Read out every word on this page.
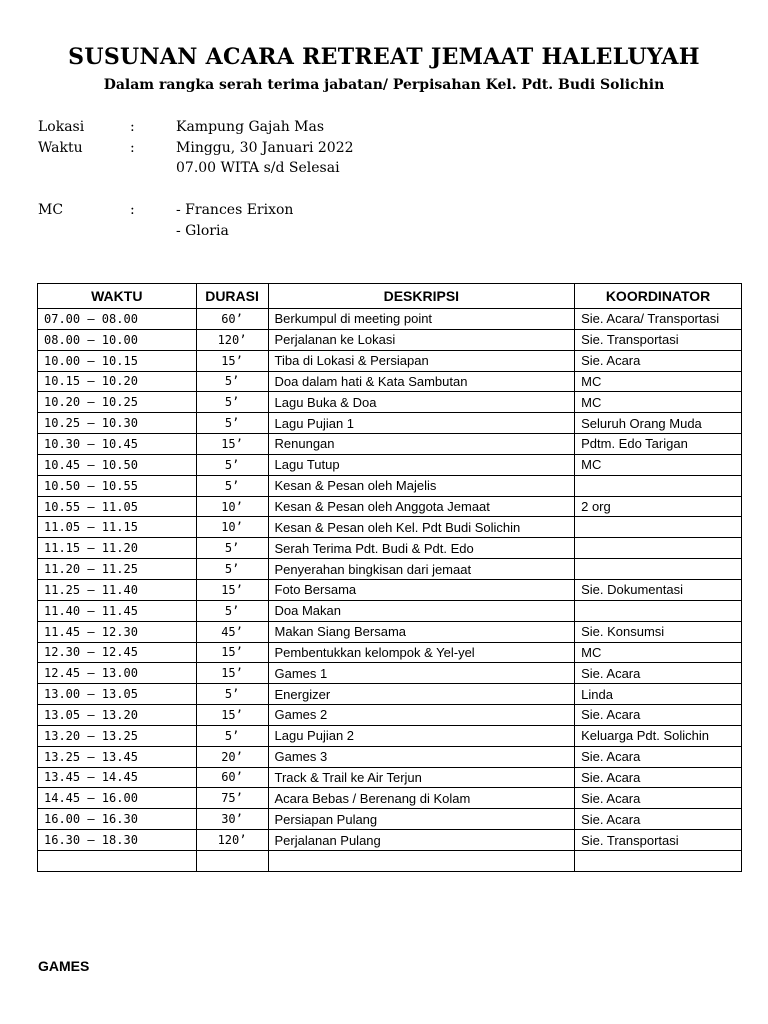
SUSUNAN ACARA RETREAT JEMAAT HALELUYAH
Dalam rangka serah terima jabatan/ Perpisahan Kel. Pdt. Budi Solichin
Lokasi	:	Kampung Gajah Mas
Waktu	:	Minggu, 30 Januari 2022
07.00 WITA s/d Selesai
MC	:	- Frances Erixon
- Gloria
WAKTU	DURASI	DESKRIPSI	KOORDINATOR
07.00 – 08.00	60’	Berkumpul di meeting point	Sie. Acara/ Transportasi
08.00 – 10.00	120’	Perjalanan ke Lokasi	Sie. Transportasi
10.00 – 10.15	15’	Tiba di Lokasi & Persiapan	Sie. Acara
10.15 – 10.20	5’	Doa dalam hati & Kata Sambutan	MC
10.20 – 10.25	5’	Lagu Buka & Doa	MC
10.25 – 10.30	5’	Lagu Pujian 1	Seluruh Orang Muda
10.30 – 10.45	15’	Renungan	Pdtm. Edo Tarigan
10.45 – 10.50	5’	Lagu Tutup	MC
10.50 – 10.55	5’	Kesan & Pesan oleh Majelis	
10.55 – 11.05	10’	Kesan & Pesan oleh Anggota Jemaat	2 org
11.05 – 11.15	10’	Kesan & Pesan oleh Kel. Pdt Budi Solichin	
11.15 – 11.20	5’	Serah Terima Pdt. Budi & Pdt. Edo	
11.20 – 11.25	5’	Penyerahan bingkisan dari jemaat	
11.25 – 11.40	15’	Foto Bersama	Sie. Dokumentasi
11.40 – 11.45	5’	Doa Makan	
11.45 – 12.30	45’	Makan Siang Bersama	Sie. Konsumsi
12.30 – 12.45	15’	Pembentukkan kelompok & Yel-yel	MC
12.45 – 13.00	15’	Games 1	Sie. Acara
13.00 – 13.05	5’	Energizer	Linda
13.05 – 13.20	15’	Games 2	Sie. Acara
13.20 – 13.25	5’	Lagu Pujian 2	Keluarga Pdt. Solichin
13.25 – 13.45	20’	Games 3	Sie. Acara
13.45 – 14.45	60’	Track & Trail ke Air Terjun	Sie. Acara
14.45 – 16.00	75’	Acara Bebas / Berenang di Kolam	Sie. Acara
16.00 – 16.30	30’	Persiapan Pulang	Sie. Acara
16.30 – 18.30	120’	Perjalanan Pulang	Sie. Transportasi

GAMES
